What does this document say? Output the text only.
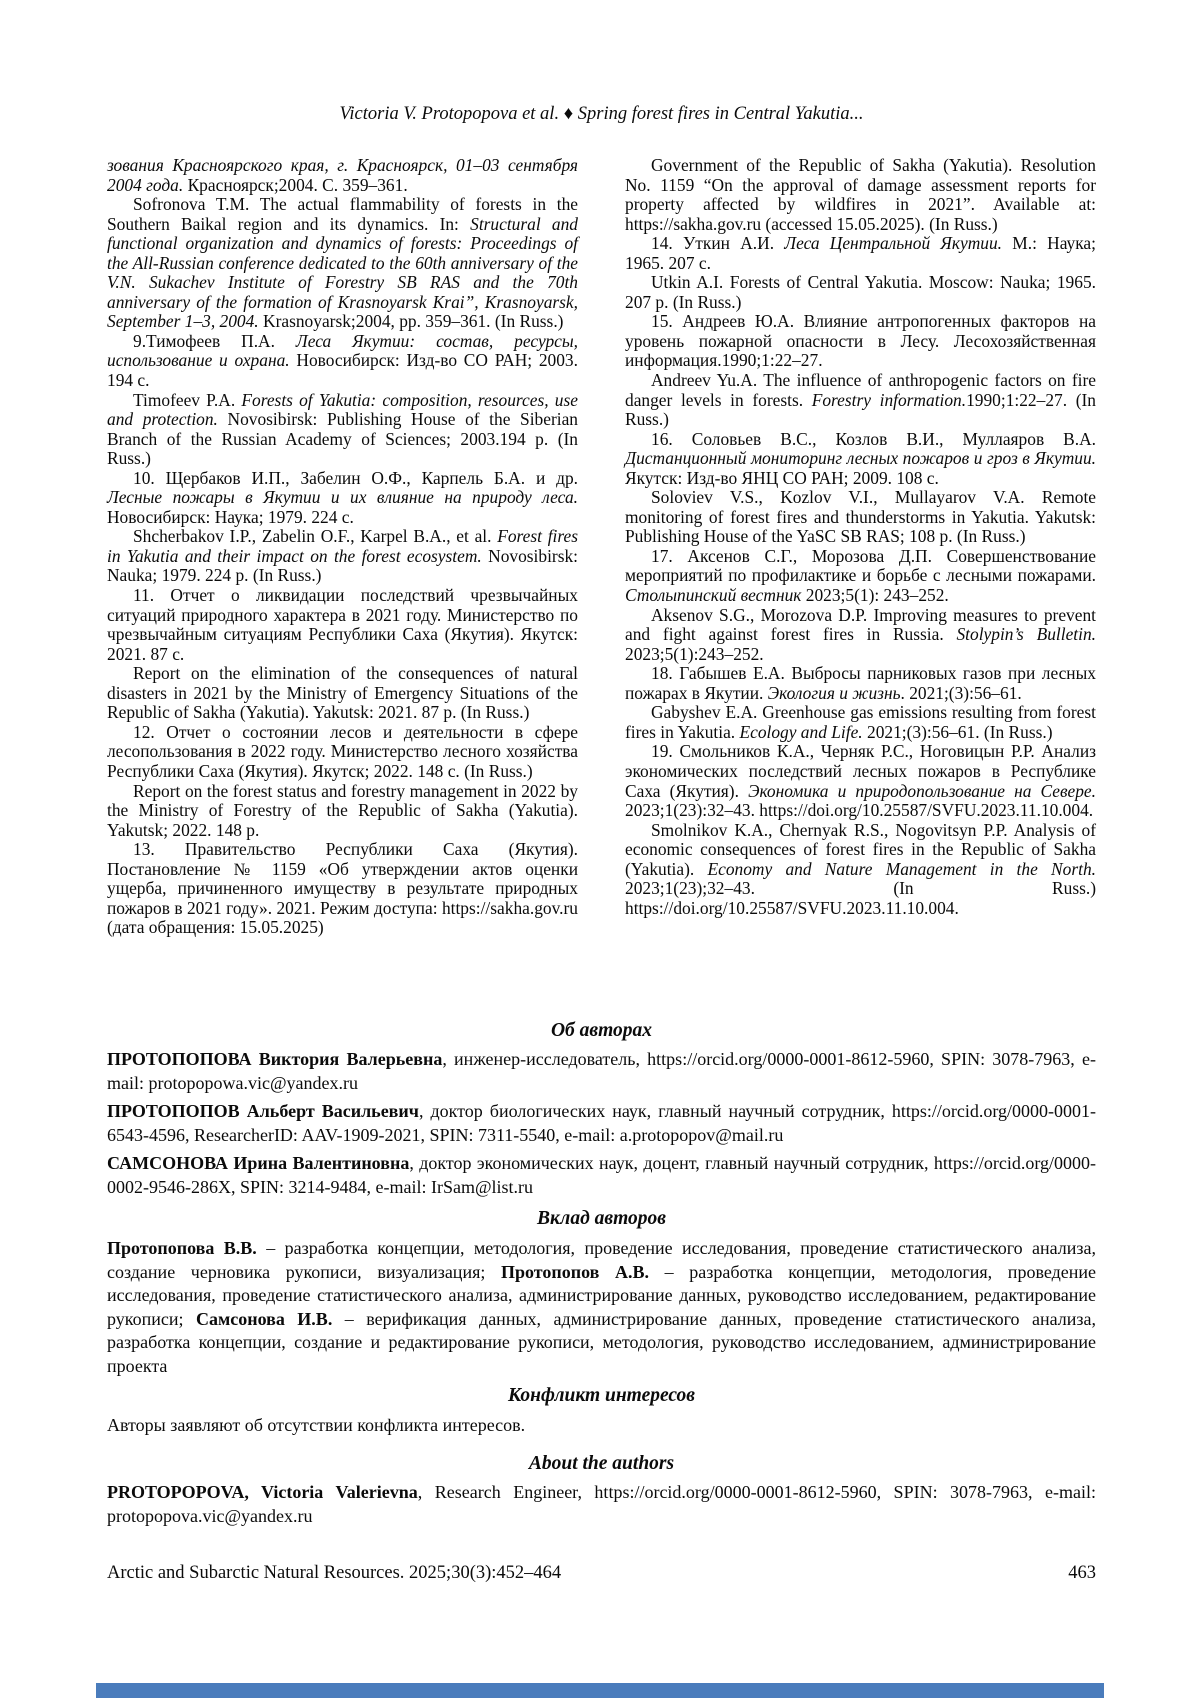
Victoria V. Protopopova et al. ♦ Spring forest fires in Central Yakutia...

зования Красноярского края, г. Красноярск, 01–03 сентября 2004 года. Красноярск;2004. С. 359–361.

Sofronova T.M. The actual flammability of forests in the Southern Baikal region and its dynamics. In: Structural and functional organization and dynamics of forests: Proceedings of the All-Russian conference dedicated to the 60th anniversary of the V.N. Sukachev Institute of Forestry SB RAS and the 70th anniversary of the formation of Krasnoyarsk Krai”, Krasnoyarsk, September 1–3, 2004. Krasnoyarsk;2004, pp. 359–361. (In Russ.)

9.Тимофеев П.А. Леса Якутии: состав, ресурсы, использование и охрана. Новосибирск: Изд-во СО РАН; 2003. 194 с.

Timofeev P.A. Forests of Yakutia: composition, resources, use and protection. Novosibirsk: Publishing House of the Siberian Branch of the Russian Academy of Sciences; 2003.194 p. (In Russ.)

10. Щербаков И.П., Забелин О.Ф., Карпель Б.А. и др. Лесные пожары в Якутии и их влияние на природу леса. Новосибирск: Наука; 1979. 224 с.

Shcherbakov I.P., Zabelin O.F., Karpel B.A., et al. Forest fires in Yakutia and their impact on the forest ecosystem. Novosibirsk: Nauka; 1979. 224 p. (In Russ.)

11. Отчет о ликвидации последствий чрезвычайных ситуаций природного характера в 2021 году. Министерство по чрезвычайным ситуациям Республики Саха (Якутия). Якутск: 2021. 87 с.

Report on the elimination of the consequences of natural disasters in 2021 by the Ministry of Emergency Situations of the Republic of Sakha (Yakutia). Yakutsk: 2021. 87 p. (In Russ.)

12. Отчет о состоянии лесов и деятельности в сфере лесопользования в 2022 году. Министерство лесного хозяйства Республики Саха (Якутия). Якутск; 2022. 148 с. (In Russ.)

Report on the forest status and forestry management in 2022 by the Ministry of Forestry of the Republic of Sakha (Yakutia). Yakutsk; 2022. 148 p.

13. Правительство Республики Саха (Якутия). Постановление № 1159 «Об утверждении актов оценки ущерба, причиненного имуществу в результате природных пожаров в 2021 году». 2021. Режим доступа: https://sakha.gov.ru (дата обращения: 15.05.2025)

Government of the Republic of Sakha (Yakutia). Resolution No. 1159 “On the approval of damage assessment reports for property affected by wildfires in 2021”. Available at: https://sakha.gov.ru (accessed 15.05.2025). (In Russ.)

14. Уткин А.И. Леса Центральной Якутии. М.: Наука; 1965. 207 с.

Utkin A.I. Forests of Central Yakutia. Moscow: Nauka; 1965. 207 p. (In Russ.)

15. Андреев Ю.А. Влияние антропогенных факторов на уровень пожарной опасности в Лесу. Лесохозяйственная информация.1990;1:22–27.

Andreev Yu.A. The influence of anthropogenic factors on fire danger levels in forests. Forestry information.1990;1:22–27. (In Russ.)

16. Соловьев В.С., Козлов В.И., Муллаяров В.А. Дистанционный мониторинг лесных пожаров и гроз в Якутии. Якутск: Изд-во ЯНЦ СО РАН; 2009. 108 с.

Soloviev V.S., Kozlov V.I., Mullayarov V.A. Remote monitoring of forest fires and thunderstorms in Yakutia. Yakutsk: Publishing House of the YaSC SB RAS; 108 p. (In Russ.)

17. Аксенов С.Г., Морозова Д.П. Совершенствование мероприятий по профилактике и борьбе с лесными пожарами. Столыпинский вестник 2023;5(1): 243–252.

Aksenov S.G., Morozova D.P. Improving measures to prevent and fight against forest fires in Russia. Stolypin’s Bulletin. 2023;5(1):243–252.

18. Габышев Е.А. Выбросы парниковых газов при лесных пожарах в Якутии. Экология и жизнь. 2021;(3):56–61.

Gabyshev E.A. Greenhouse gas emissions resulting from forest fires in Yakutia. Ecology and Life. 2021;(3):56–61. (In Russ.)

19. Смольников К.А., Черняк Р.С., Ноговицын Р.Р. Анализ экономических последствий лесных пожаров в Республике Саха (Якутия). Экономика и природопользование на Севере. 2023;1(23):32–43. https://doi.org/10.25587/SVFU.2023.11.10.004.

Smolnikov K.A., Chernyak R.S., Nogovitsyn P.P. Analysis of economic consequences of forest fires in the Republic of Sakha (Yakutia). Economy and Nature Management in the North. 2023;1(23);32–43. (In Russ.) https://doi.org/10.25587/SVFU.2023.11.10.004.

Об авторах

ПРОТОПОПОВА Виктория Валерьевна, инженер-исследователь, https://orcid.org/0000-0001-8612-5960, SPIN: 3078-7963, e-mail: protopopowa.vic@yandex.ru

ПРОТОПОПОВ Альберт Васильевич, доктор биологических наук, главный научный сотрудник, https://orcid.org/0000-0001-6543-4596, ResearcherID: AAV-1909-2021, SPIN: 7311-5540, e-mail: a.protopopov@mail.ru

САМСОНОВА Ирина Валентиновна, доктор экономических наук, доцент, главный научный сотрудник, https://orcid.org/0000-0002-9546-286X, SPIN: 3214-9484, e-mail: IrSam@list.ru

Вклад авторов

Протопопова В.В. – разработка концепции, методология, проведение исследования, проведение статистического анализа, создание черновика рукописи, визуализация; Протопопов А.В. – разработка концепции, методология, проведение исследования, проведение статистического анализа, администрирование данных, руководство исследованием, редактирование рукописи; Самсонова И.В. – верификация данных, администрирование данных, проведение статистического анализа, разработка концепции, создание и редактирование рукописи, методология, руководство исследованием, администрирование проекта

Конфликт интересов
Авторы заявляют об отсутствии конфликта интересов.
About the authors

PROTOPOPOVA, Victoria Valerievna, Research Engineer, https://orcid.org/0000-0001-8612-5960, SPIN: 3078-7963, e-mail: protopopova.vic@yandex.ru

Arctic and Subarctic Natural Resources. 2025;30(3):452–464	463
